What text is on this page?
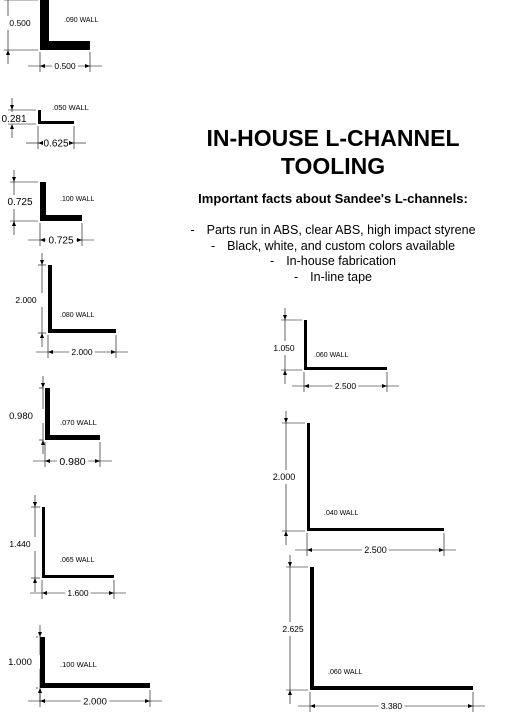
IN-HOUSE L-CHANNEL
TOOLING

Important facts about Sandee's L-channels:

- Parts run in ABS, clear ABS, high impact styrene
- Black, white, and custom colors available
- In-house fabrication
- In-line tape
0.500
0.500
.090 WALL
0.281
0.625
.050 WALL
0.725
0.725
.100 WALL
2.000
2.000
.080 WALL
0.980
0.980
.070 WALL
1.440
1.600
.065 WALL
1.000
2.000
.100 WALL
1.050
2.500
.060 WALL
2.000
2.500
.040 WALL
2.625
3.380
.060 WALL
